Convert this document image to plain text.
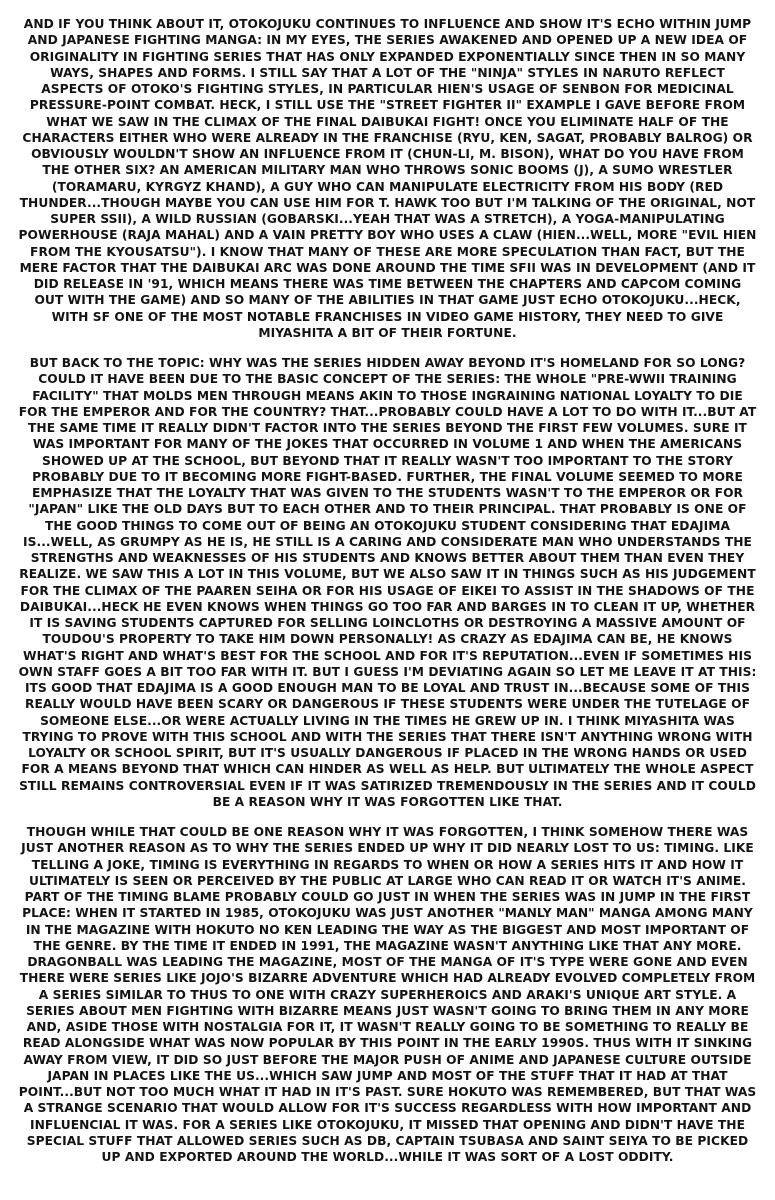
AND IF YOU THINK ABOUT IT, OTOKOJUKU CONTINUES TO INFLUENCE AND SHOW IT'S ECHO WITHIN JUMP AND JAPANESE FIGHTING MANGA: IN MY EYES, THE SERIES AWAKENED AND OPENED UP A NEW IDEA OF ORIGINALITY IN FIGHTING SERIES THAT HAS ONLY EXPANDED EXPONENTIALLY SINCE THEN IN SO MANY WAYS, SHAPES AND FORMS. I STILL SAY THAT A LOT OF THE "NINJA" STYLES IN NARUTO REFLECT ASPECTS OF OTOKO'S FIGHTING STYLES, IN PARTICULAR HIEN'S USAGE OF SENBON FOR MEDICINAL PRESSURE-POINT COMBAT. HECK, I STILL USE THE "STREET FIGHTER II" EXAMPLE I GAVE BEFORE FROM WHAT WE SAW IN THE CLIMAX OF THE FINAL DAIBUKAI FIGHT! ONCE YOU ELIMINATE HALF OF THE CHARACTERS EITHER WHO WERE ALREADY IN THE FRANCHISE (RYU, KEN, SAGAT, PROBABLY BALROG) OR OBVIOUSLY WOULDN'T SHOW AN INFLUENCE FROM IT (CHUN-LI, M. BISON), WHAT DO YOU HAVE FROM THE OTHER SIX? AN AMERICAN MILITARY MAN WHO THROWS SONIC BOOMS (J), A SUMO WRESTLER (TORAMARU, KYRGYZ KHAND), A GUY WHO CAN MANIPULATE ELECTRICITY FROM HIS BODY (RED THUNDER...THOUGH MAYBE YOU CAN USE HIM FOR T. HAWK TOO BUT I'M TALKING OF THE ORIGINAL, NOT SUPER SSII), A WILD RUSSIAN (GOBARSKI...YEAH THAT WAS A STRETCH), A YOGA-MANIPULATING POWERHOUSE (RAJA MAHAL) AND A VAIN PRETTY BOY WHO USES A CLAW (HIEN...WELL, MORE "EVIL HIEN FROM THE KYOUSATSU"). I KNOW THAT MANY OF THESE ARE MORE SPECULATION THAN FACT, BUT THE MERE FACTOR THAT THE DAIBUKAI ARC WAS DONE AROUND THE TIME SFII WAS IN DEVELOPMENT (AND IT DID RELEASE IN '91, WHICH MEANS THERE WAS TIME BETWEEN THE CHAPTERS AND CAPCOM COMING OUT WITH THE GAME) AND SO MANY OF THE ABILITIES IN THAT GAME JUST ECHO OTOKOJUKU...HECK, WITH SF ONE OF THE MOST NOTABLE FRANCHISES IN VIDEO GAME HISTORY, THEY NEED TO GIVE MIYASHITA A BIT OF THEIR FORTUNE.

BUT BACK TO THE TOPIC: WHY WAS THE SERIES HIDDEN AWAY BEYOND IT'S HOMELAND FOR SO LONG? COULD IT HAVE BEEN DUE TO THE BASIC CONCEPT OF THE SERIES: THE WHOLE "PRE-WWII TRAINING FACILITY" THAT MOLDS MEN THROUGH MEANS AKIN TO THOSE INGRAINING NATIONAL LOYALTY TO DIE FOR THE EMPEROR AND FOR THE COUNTRY? THAT...PROBABLY COULD HAVE A LOT TO DO WITH IT...BUT AT THE SAME TIME IT REALLY DIDN'T FACTOR INTO THE SERIES BEYOND THE FIRST FEW VOLUMES. SURE IT WAS IMPORTANT FOR MANY OF THE JOKES THAT OCCURRED IN VOLUME 1 AND WHEN THE AMERICANS SHOWED UP AT THE SCHOOL, BUT BEYOND THAT IT REALLY WASN'T TOO IMPORTANT TO THE STORY PROBABLY DUE TO IT BECOMING MORE FIGHT-BASED. FURTHER, THE FINAL VOLUME SEEMED TO MORE EMPHASIZE THAT THE LOYALTY THAT WAS GIVEN TO THE STUDENTS WASN'T TO THE EMPEROR OR FOR "JAPAN" LIKE THE OLD DAYS BUT TO EACH OTHER AND TO THEIR PRINCIPAL. THAT PROBABLY IS ONE OF THE GOOD THINGS TO COME OUT OF BEING AN OTOKOJUKU STUDENT CONSIDERING THAT EDAJIMA IS...WELL, AS GRUMPY AS HE IS, HE STILL IS A CARING AND CONSIDERATE MAN WHO UNDERSTANDS THE STRENGTHS AND WEAKNESSES OF HIS STUDENTS AND KNOWS BETTER ABOUT THEM THAN EVEN THEY REALIZE. WE SAW THIS A LOT IN THIS VOLUME, BUT WE ALSO SAW IT IN THINGS SUCH AS HIS JUDGEMENT FOR THE CLIMAX OF THE PAAREN SEIHA OR FOR HIS USAGE OF EIKEI TO ASSIST IN THE SHADOWS OF THE DAIBUKAI...HECK HE EVEN KNOWS WHEN THINGS GO TOO FAR AND BARGES IN TO CLEAN IT UP, WHETHER IT IS SAVING STUDENTS CAPTURED FOR SELLING LOINCLOTHS OR DESTROYING A MASSIVE AMOUNT OF TOUDOU'S PROPERTY TO TAKE HIM DOWN PERSONALLY! AS CRAZY AS EDAJIMA CAN BE, HE KNOWS WHAT'S RIGHT AND WHAT'S BEST FOR THE SCHOOL AND FOR IT'S REPUTATION...EVEN IF SOMETIMES HIS OWN STAFF GOES A BIT TOO FAR WITH IT. BUT I GUESS I'M DEVIATING AGAIN SO LET ME LEAVE IT AT THIS: ITS GOOD THAT EDAJIMA IS A GOOD ENOUGH MAN TO BE LOYAL AND TRUST IN...BECAUSE SOME OF THIS REALLY WOULD HAVE BEEN SCARY OR DANGEROUS IF THESE STUDENTS WERE UNDER THE TUTELAGE OF SOMEONE ELSE...OR WERE ACTUALLY LIVING IN THE TIMES HE GREW UP IN. I THINK MIYASHITA WAS TRYING TO PROVE WITH THIS SCHOOL AND WITH THE SERIES THAT THERE ISN'T ANYTHING WRONG WITH LOYALTY OR SCHOOL SPIRIT, BUT IT'S USUALLY DANGEROUS IF PLACED IN THE WRONG HANDS OR USED FOR A MEANS BEYOND THAT WHICH CAN HINDER AS WELL AS HELP. BUT ULTIMATELY THE WHOLE ASPECT STILL REMAINS CONTROVERSIAL EVEN IF IT WAS SATIRIZED TREMENDOUSLY IN THE SERIES AND IT COULD BE A REASON WHY IT WAS FORGOTTEN LIKE THAT.

THOUGH WHILE THAT COULD BE ONE REASON WHY IT WAS FORGOTTEN, I THINK SOMEHOW THERE WAS JUST ANOTHER REASON AS TO WHY THE SERIES ENDED UP WHY IT DID NEARLY LOST TO US: TIMING. LIKE TELLING A JOKE, TIMING IS EVERYTHING IN REGARDS TO WHEN OR HOW A SERIES HITS IT AND HOW IT ULTIMATELY IS SEEN OR PERCEIVED BY THE PUBLIC AT LARGE WHO CAN READ IT OR WATCH IT'S ANIME. PART OF THE TIMING BLAME PROBABLY COULD GO JUST IN WHEN THE SERIES WAS IN JUMP IN THE FIRST PLACE: WHEN IT STARTED IN 1985, OTOKOJUKU WAS JUST ANOTHER "MANLY MAN" MANGA AMONG MANY IN THE MAGAZINE WITH HOKUTO NO KEN LEADING THE WAY AS THE BIGGEST AND MOST IMPORTANT OF THE GENRE. BY THE TIME IT ENDED IN 1991, THE MAGAZINE WASN'T ANYTHING LIKE THAT ANY MORE. DRAGONBALL WAS LEADING THE MAGAZINE, MOST OF THE MANGA OF IT'S TYPE WERE GONE AND EVEN THERE WERE SERIES LIKE JOJO'S BIZARRE ADVENTURE WHICH HAD ALREADY EVOLVED COMPLETELY FROM A SERIES SIMILAR TO THUS TO ONE WITH CRAZY SUPERHEROICS AND ARAKI'S UNIQUE ART STYLE. A SERIES ABOUT MEN FIGHTING WITH BIZARRE MEANS JUST WASN'T GOING TO BRING THEM IN ANY MORE AND, ASIDE THOSE WITH NOSTALGIA FOR IT, IT WASN'T REALLY GOING TO BE SOMETHING TO REALLY BE READ ALONGSIDE WHAT WAS NOW POPULAR BY THIS POINT IN THE EARLY 1990S. THUS WITH IT SINKING AWAY FROM VIEW, IT DID SO JUST BEFORE THE MAJOR PUSH OF ANIME AND JAPANESE CULTURE OUTSIDE JAPAN IN PLACES LIKE THE US...WHICH SAW JUMP AND MOST OF THE STUFF THAT IT HAD AT THAT POINT...BUT NOT TOO MUCH WHAT IT HAD IN IT'S PAST. SURE HOKUTO WAS REMEMBERED, BUT THAT WAS A STRANGE SCENARIO THAT WOULD ALLOW FOR IT'S SUCCESS REGARDLESS WITH HOW IMPORTANT AND INFLUENCIAL IT WAS. FOR A SERIES LIKE OTOKOJUKU, IT MISSED THAT OPENING AND DIDN'T HAVE THE SPECIAL STUFF THAT ALLOWED SERIES SUCH AS DB, CAPTAIN TSUBASA AND SAINT SEIYA TO BE PICKED UP AND EXPORTED AROUND THE WORLD...WHILE IT WAS SORT OF A LOST ODDITY.
